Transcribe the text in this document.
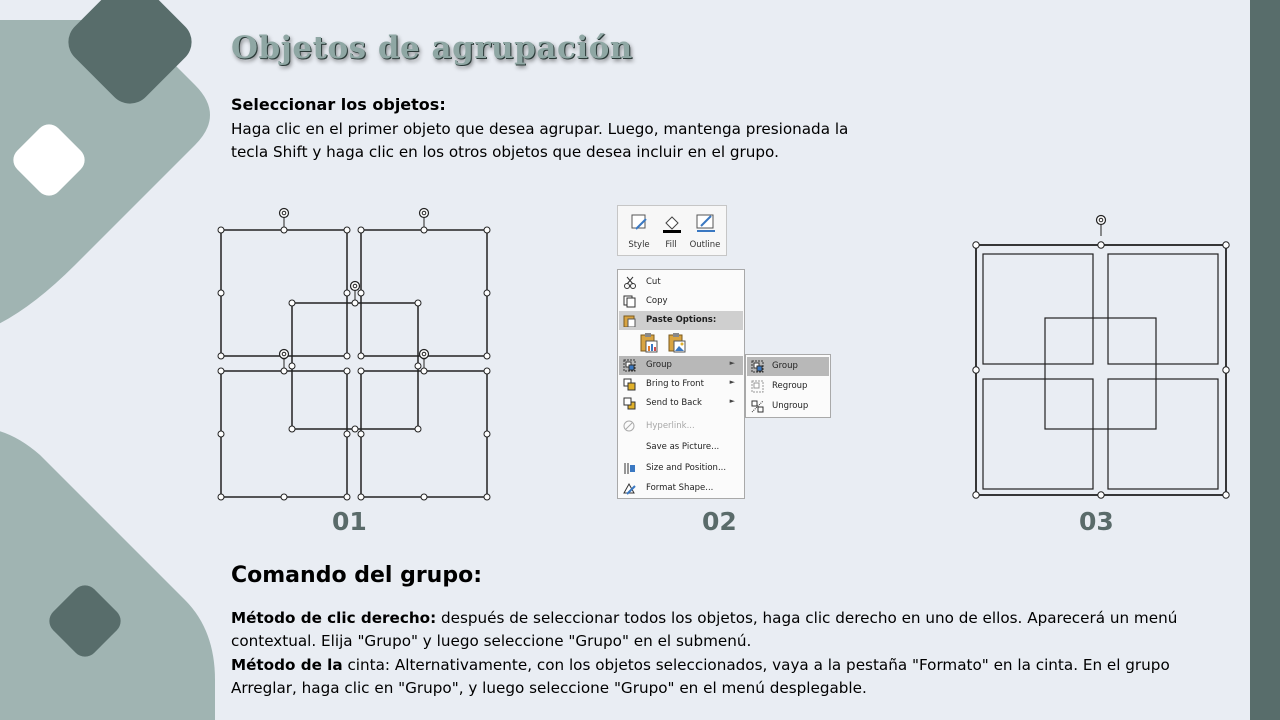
Objetos de agrupación
Seleccionar los objetos:
Haga clic en el primer objeto que desea agrupar. Luego, mantenga presionada la tecla Shift y haga clic en los otros objetos que desea incluir en el grupo.
Style	Fill	Outline
Cut
Copy
Paste Options:
Group	►
Bring to Front	►
Send to Back	►
Hyperlink...
Save as Picture...
Size and Position...
Format Shape...
Group
Regroup
Ungroup
01	02	03
Comando del grupo:
Método de clic derecho: después de seleccionar todos los objetos, haga clic derecho en uno de ellos. Aparecerá un menú contextual. Elija "Grupo" y luego seleccione "Grupo" en el submenú.
Método de la cinta: Alternativamente, con los objetos seleccionados, vaya a la pestaña "Formato" en la cinta. En el grupo Arreglar, haga clic en "Grupo", y luego seleccione "Grupo" en el menú desplegable.
